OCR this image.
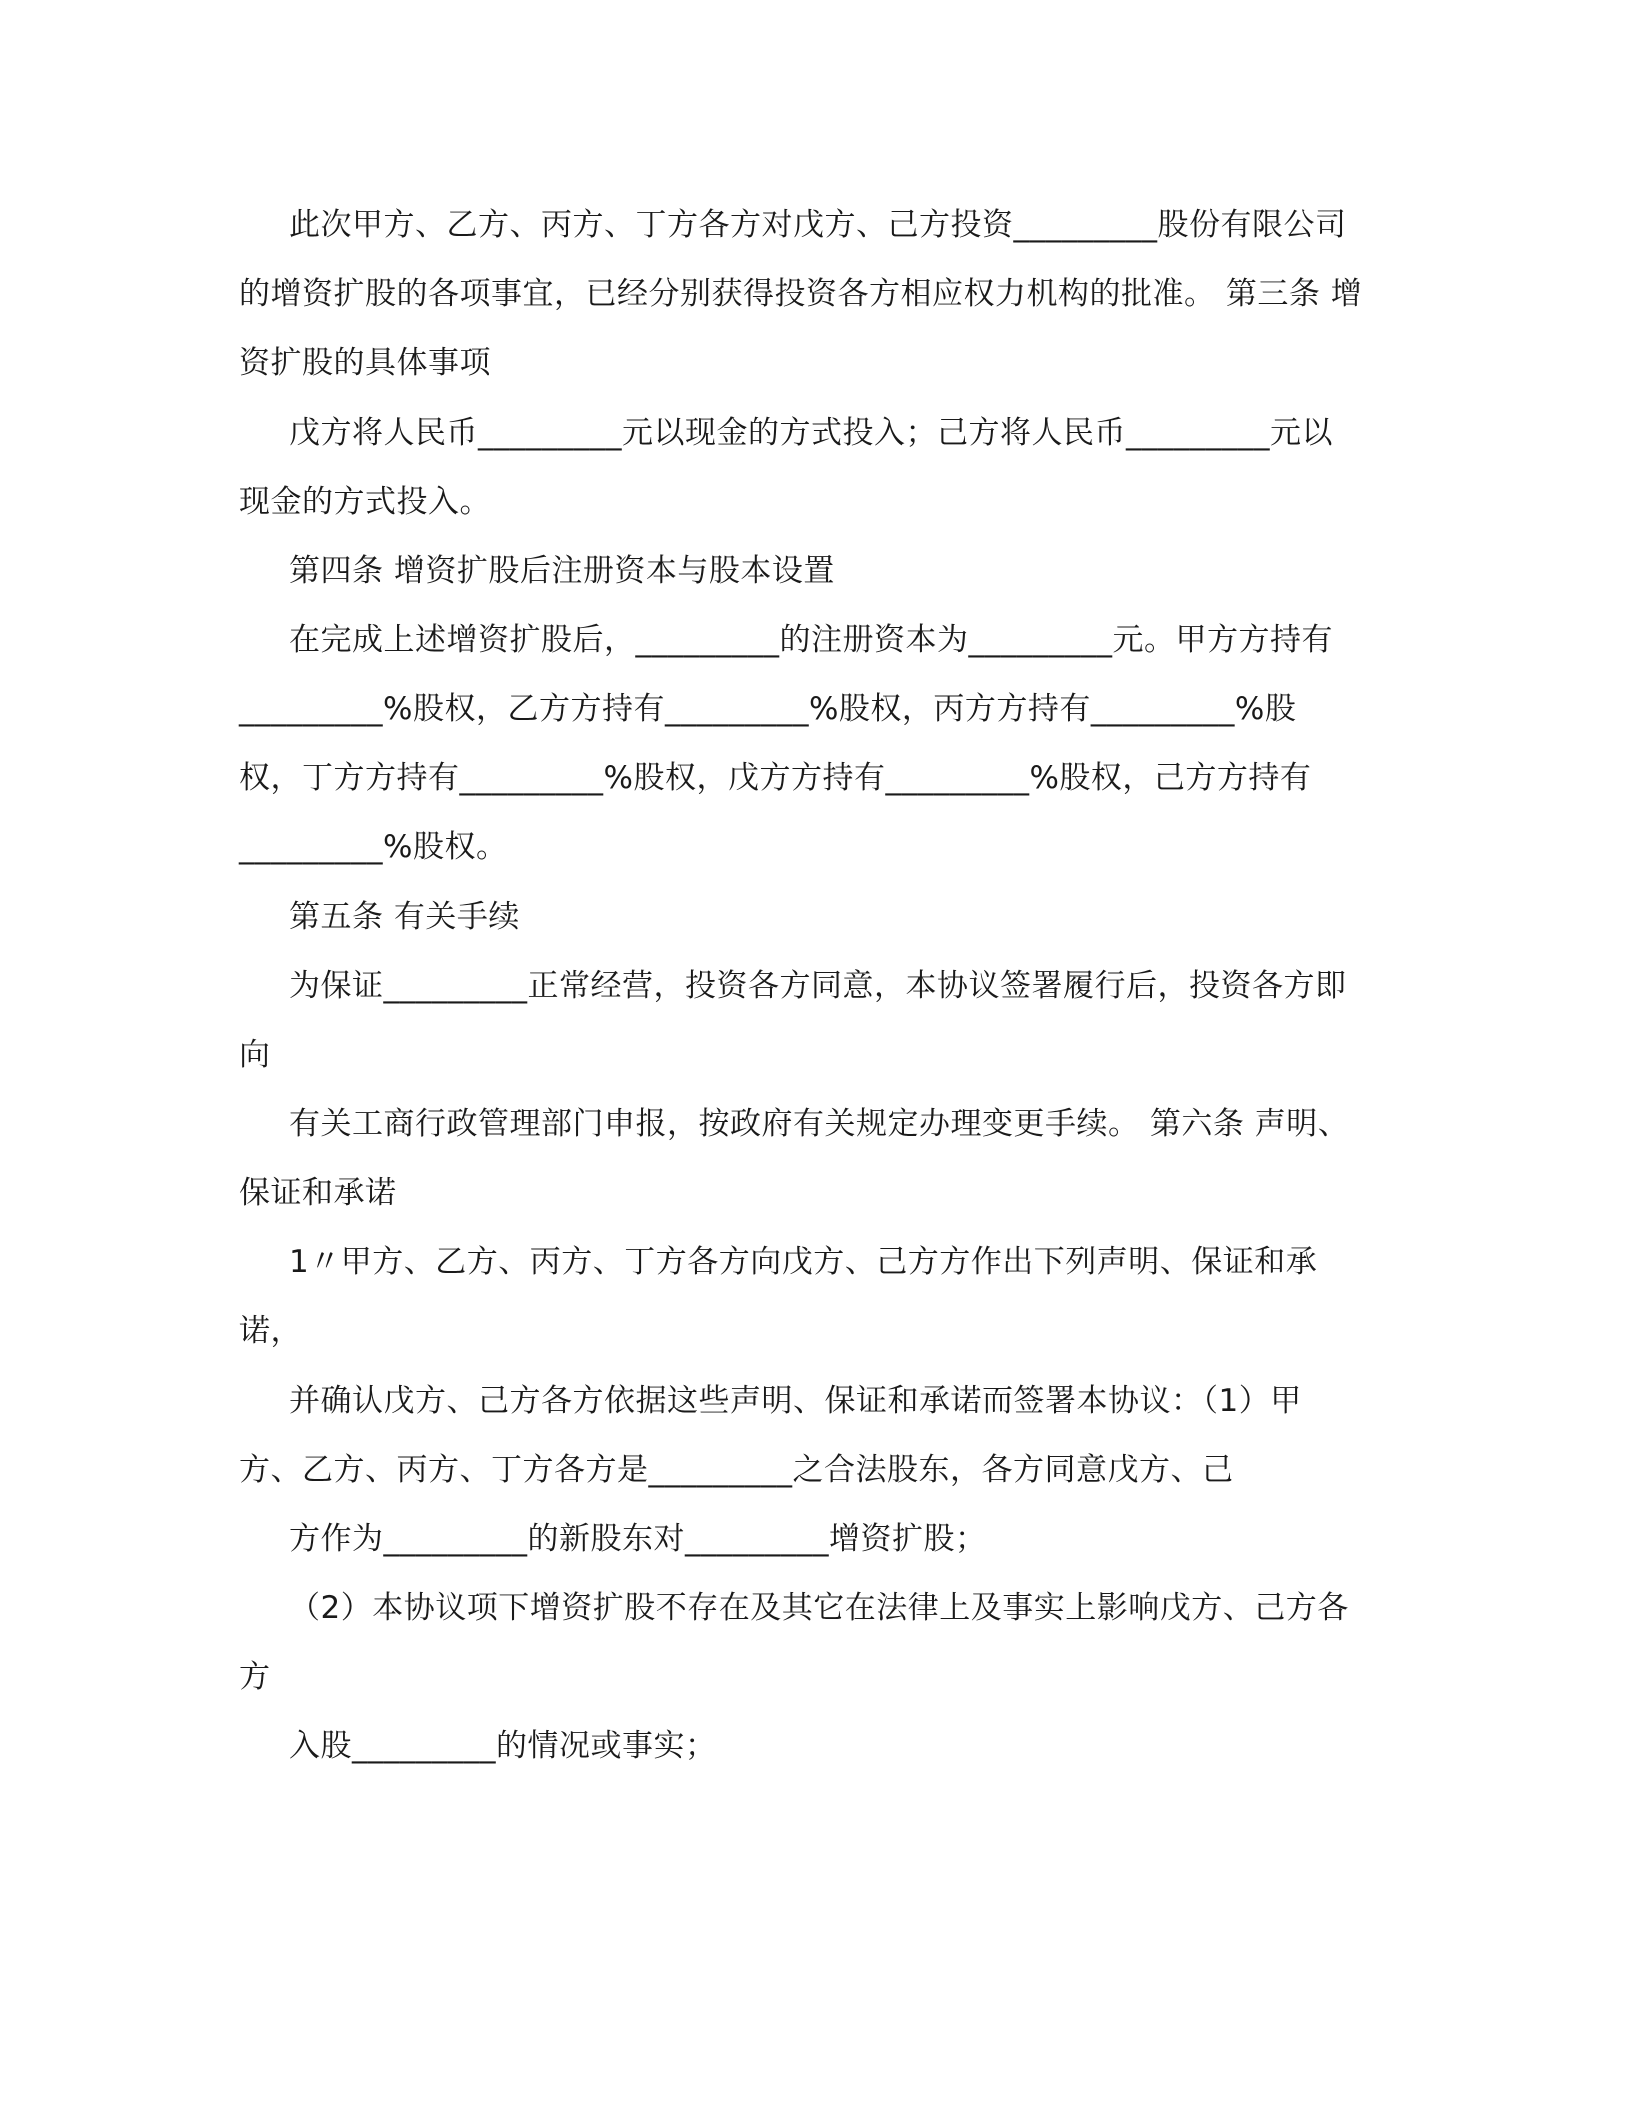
此次甲方、乙方、丙方、丁方各方对戊方、己方投资_________股份有限公司

的增资扩股的各项事宜，已经分别获得投资各方相应权力机构的批准。 第三条 增

资扩股的具体事项

戊方将人民币_________元以现金的方式投入；己方将人民币_________元以

现金的方式投入。

第四条 增资扩股后注册资本与股本设置

在完成上述增资扩股后，_________的注册资本为_________元。甲方方持有

_________%股权，乙方方持有_________%股权，丙方方持有_________%股

权，丁方方持有_________%股权，戊方方持有_________%股权，己方方持有

_________%股权。

第五条 有关手续

为保证_________正常经营，投资各方同意，本协议签署履行后，投资各方即

向

有关工商行政管理部门申报，按政府有关规定办理变更手续。 第六条 声明、

保证和承诺

1〃甲方、乙方、丙方、丁方各方向戊方、己方方作出下列声明、保证和承

诺，

并确认戊方、己方各方依据这些声明、保证和承诺而签署本协议：（1）甲

方、乙方、丙方、丁方各方是_________之合法股东，各方同意戊方、己

方作为_________的新股东对_________增资扩股；

（2）本协议项下增资扩股不存在及其它在法律上及事实上影响戊方、己方各

方

入股_________的情况或事实；
